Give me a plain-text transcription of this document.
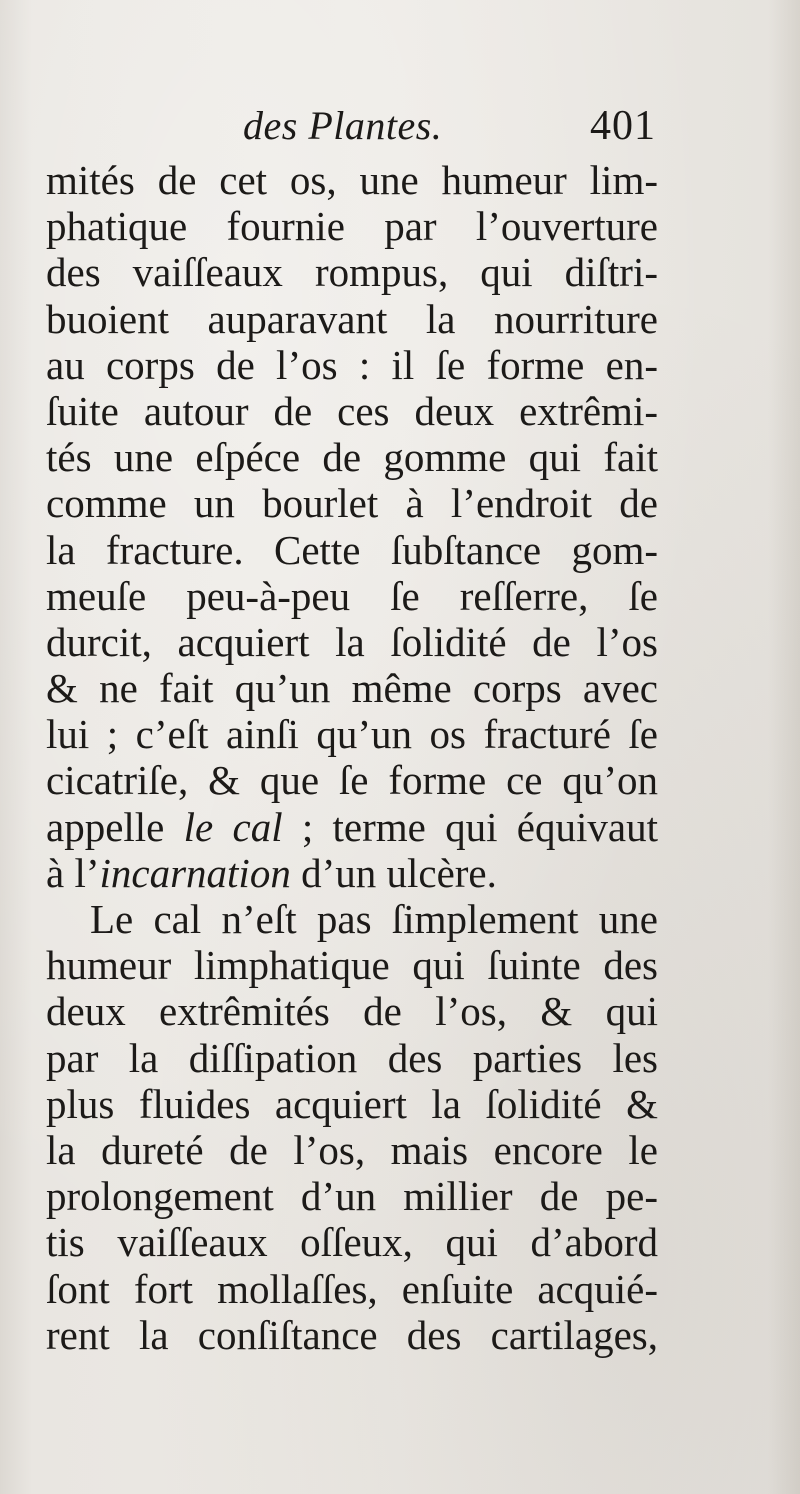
des Plantes.	401
mités de cet os, une humeur lim-
phatique fournie par l’ouverture
des vaiſſeaux rompus, qui diſtri-
buoient auparavant la nourriture
au corps de l’os : il ſe forme en-
ſuite autour de ces deux extrêmi-
tés une eſpéce de gomme qui fait
comme un bourlet à l’endroit de
la fracture. Cette ſubſtance gom-
meuſe peu-à-peu ſe reſſerre, ſe
durcit, acquiert la ſolidité de l’os
& ne fait qu’un même corps avec
lui ; c’eſt ainſi qu’un os fracturé ſe
cicatriſe, & que ſe forme ce qu’on
appelle le cal ; terme qui équivaut
à l’incarnation d’un ulcère.
Le cal n’eſt pas ſimplement une
humeur limphatique qui ſuinte des
deux extrêmités de l’os, & qui
par la diſſipation des parties les
plus fluides acquiert la ſolidité &
la dureté de l’os, mais encore le
prolongement d’un millier de pe-
tis vaiſſeaux oſſeux, qui d’abord
ſont fort mollaſſes, enſuite acquié-
rent la conſiſtance des cartilages,
